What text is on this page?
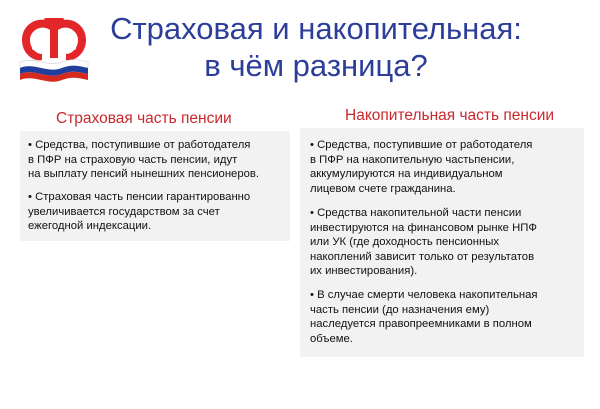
Страховая и накопительная:
в чём разница?
Страховая часть пенсии	Накопительная часть пенсии
• Средства, поступившие от работодателя
в ПФР на страховую часть пенсии, идут
на выплату пенсий нынешних пенсионеров.
• Страховая часть пенсии гарантированно
увеличивается государством за счет
ежегодной индексации.
• Средства, поступившие от работодателя
в ПФР на накопительную частьпенсии,
аккумулируются на индивидуальном
лицевом счете гражданина.
• Средства накопительной части пенсии
инвестируются на финансовом рынке НПФ
или УК (где доходность пенсионных
накоплений зависит только от результатов
их инвестирования).
• В случае смерти человека накопительная
часть пенсии (до назначения ему)
наследуется правопреемниками в полном
объеме.
